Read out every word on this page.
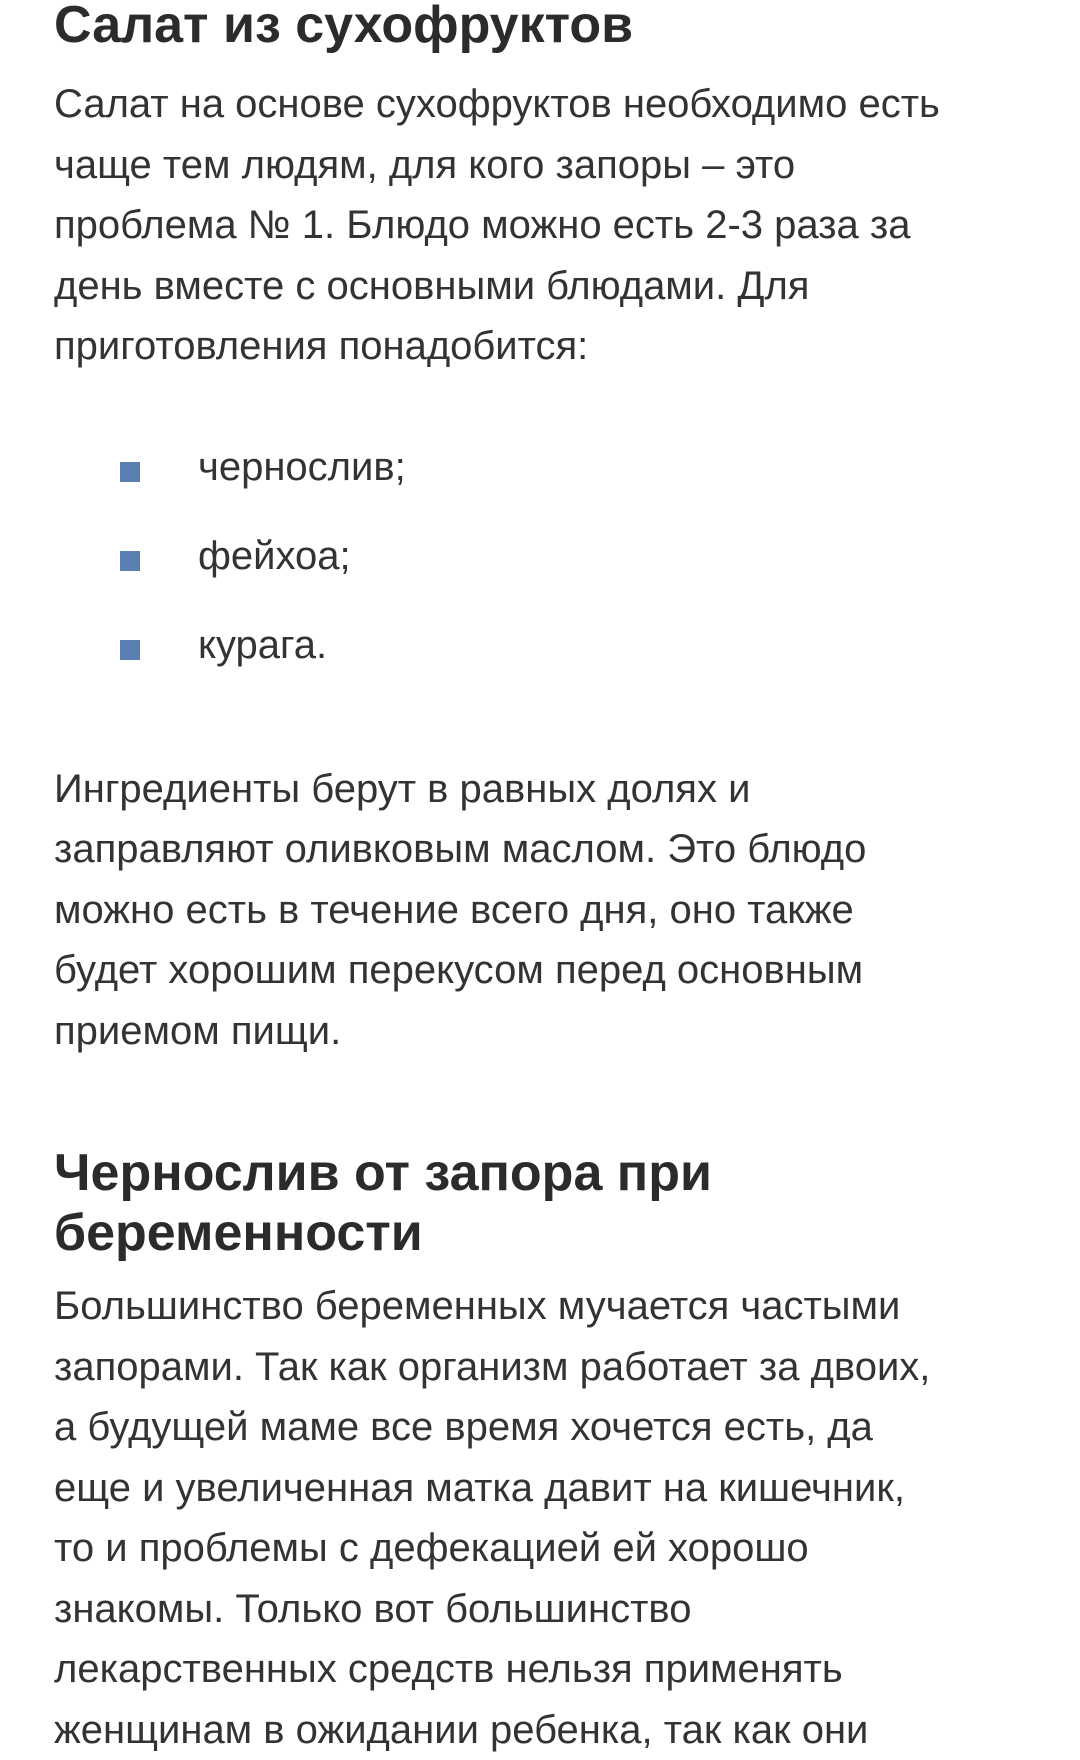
Салат из сухофруктов

Салат на основе сухофруктов необходимо есть
чаще тем людям, для кого запоры – это
проблема № 1. Блюдо можно есть 2-3 раза за
день вместе с основными блюдами. Для
приготовления понадобится:

чернослив;
фейхоа;
курага.

Ингредиенты берут в равных долях и
заправляют оливковым маслом. Это блюдо
можно есть в течение всего дня, оно также
будет хорошим перекусом перед основным
приемом пищи.

Чернослив от запора при
беременности

Большинство беременных мучается частыми
запорами. Так как организм работает за двоих,
а будущей маме все время хочется есть, да
еще и увеличенная матка давит на кишечник,
то и проблемы с дефекацией ей хорошо
знакомы. Только вот большинство
лекарственных средств нельзя применять
женщинам в ожидании ребенка, так как они
